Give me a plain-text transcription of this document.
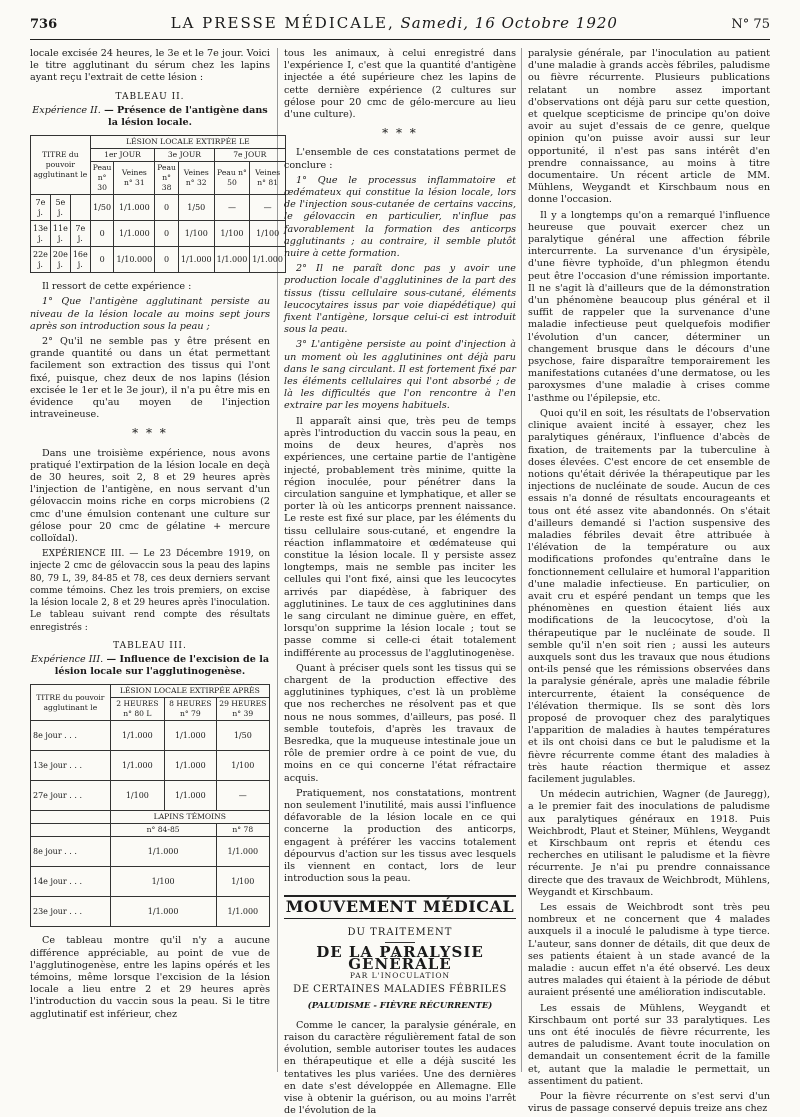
736	LA PRESSE MÉDICALE, Samedi, 16 Octobre 1920	N° 75

locale excisée 24 heures, le 3e et le 7e jour. Voici le titre agglutinant du sérum chez les lapins ayant reçu l'extrait de cette lésion :

TABLEAU II.
Expérience II. — Présence de l'antigène dans la lésion locale.
TITRE du pouvoir agglutinant le			LÉSION LOCALE EXTIRPÉE LE					
			1er JOUR		3e JOUR		7e JOUR	
			Peau n° 30	Veines n° 31	Peau n° 38	Veines n° 32	Peau n° 50	Veines n° 81
7e j.	5e j.		1/50	1/1.000	0	1/50	—	—
13e j.	11e j.	7e j.	0	1/1.000	0	1/100	1/100	1/100
22e j.	20e j.	16e j.	0	1/10.000	0	1/1.000	1/1.000	1/1.000

Il ressort de cette expérience :

1° Que l'antigène agglutinant persiste au niveau de la lésion locale au moins sept jours après son introduction sous la peau ;

2° Qu'il ne semble pas y être présent en grande quantité ou dans un état permettant facilement son extraction des tissus qui l'ont fixé, puisque, chez deux de nos lapins (lésion excisée le 1er et le 3e jour), il n'a pu être mis en évidence qu'au moyen de l'injection intraveineuse.

* * *

Dans une troisième expérience, nous avons pratiqué l'extirpation de la lésion locale en deçà de 30 heures, soit 2, 8 et 29 heures après l'injection de l'antigène, en nous servant d'un gélovaccin moins riche en corps microbiens (2 cmc d'une émulsion contenant une culture sur gélose pour 20 cmc de gélatine + mercure colloïdal).

EXPÉRIENCE III. — Le 23 Décembre 1919, on injecte 2 cmc de gélovaccin sous la peau des lapins 80, 79 L, 39, 84-85 et 78, ces deux derniers servant comme témoins. Chez les trois premiers, on excise la lésion locale 2, 8 et 29 heures après l'inoculation. Le tableau suivant rend compte des résultats enregistrés :

TABLEAU III.
Expérience III. — Influence de l'excision de la lésion locale sur l'agglutinogenèse.
TITRE du pouvoir agglutinant le	LÉSION LOCALE EXTIRPÉE APRÈS		
	2 HEURES n° 80 L	8 HEURES n° 79	29 HEURES n° 39
8e jour . . .	1/1.000	1/1.000	1/50
13e jour . . .	1/1.000	1/1.000	1/100
27e jour . . .	1/100	1/1.000	—
	LAPINS TÉMOINS		
	n° 84-85		n° 78
8e jour . . .	1/1.000		1/1.000
14e jour . . .	1/100		1/100
23e jour . . .	1/1.000		1/1.000

Ce tableau montre qu'il n'y a aucune différence appréciable, au point de vue de l'agglutinogenèse, entre les lapins opérés et les témoins, même lorsque l'excision de la lésion locale a lieu entre 2 et 29 heures après l'introduction du vaccin sous la peau. Si le titre agglutinatif est inférieur, chez

tous les animaux, à celui enregistré dans l'expérience I, c'est que la quantité d'antigène injectée a été supérieure chez les lapins de cette dernière expérience (2 cultures sur gélose pour 20 cmc de gélo-mercure au lieu d'une culture).

* * *

L'ensemble de ces constatations permet de conclure :

1° Que le processus inflammatoire et œdémateux qui constitue la lésion locale, lors de l'injection sous-cutanée de certains vaccins, le gélovaccin en particulier, n'influe pas favorablement la formation des anticorps agglutinants ; au contraire, il semble plutôt nuire à cette formation.

2° Il ne paraît donc pas y avoir une production locale d'agglutinines de la part des tissus (tissu cellulaire sous-cutané, éléments leucocytaires issus par voie diapédétique) qui fixent l'antigène, lorsque celui-ci est introduit sous la peau.

3° L'antigène persiste au point d'injection à un moment où les agglutinines ont déjà paru dans le sang circulant. Il est fortement fixé par les éléments cellulaires qui l'ont absorbé ; de là les difficultés que l'on rencontre à l'en extraire par les moyens habituels.

Il apparaît ainsi que, très peu de temps après l'introduction du vaccin sous la peau, en moins de deux heures, d'après nos expériences, une certaine partie de l'antigène injecté, probablement très minime, quitte la région inoculée, pour pénétrer dans la circulation sanguine et lymphatique, et aller se porter là où les anticorps prennent naissance. Le reste est fixé sur place, par les éléments du tissu cellulaire sous-cutané, et engendre la réaction inflammatoire et œdémateuse qui constitue la lésion locale. Il y persiste assez longtemps, mais ne semble pas inciter les cellules qui l'ont fixé, ainsi que les leucocytes arrivés par diapédèse, à fabriquer des agglutinines. Le taux de ces agglutinines dans le sang circulant ne diminue guère, en effet, lorsqu'on supprime la lésion locale ; tout se passe comme si celle-ci était totalement indifférente au processus de l'agglutinogenèse.

Quant à préciser quels sont les tissus qui se chargent de la production effective des agglutinines typhiques, c'est là un problème que nos recherches ne résolvent pas et que nous ne nous sommes, d'ailleurs, pas posé. Il semble toutefois, d'après les travaux de Besredka, que la muqueuse intestinale joue un rôle de premier ordre à ce point de vue, du moins en ce qui concerne l'état réfractaire acquis.

Pratiquement, nos constatations, montrent non seulement l'inutilité, mais aussi l'influence défavorable de la lésion locale en ce qui concerne la production des anticorps, engagent à préférer les vaccins totalement dépourvus d'action sur les tissus avec lesquels ils viennent en contact, lors de leur introduction sous la peau.

MOUVEMENT MÉDICAL
DU TRAITEMENT
DE LA PARALYSIE GÉNÉRALE
PAR L'INOCULATION
DE CERTAINES MALADIES FÉBRILES
(PALUDISME - FIÈVRE RÉCURRENTE)

Comme le cancer, la paralysie générale, en raison du caractère régulièrement fatal de son évolution, semble autoriser toutes les audaces en thérapeutique et elle a déjà suscité les tentatives les plus variées. Une des dernières en date s'est développée en Allemagne. Elle vise à obtenir la guérison, ou au moins l'arrêt de l'évolution de la

paralysie générale, par l'inoculation au patient d'une maladie à grands accès fébriles, paludisme ou fièvre récurrente. Plusieurs publications relatant un nombre assez important d'observations ont déjà paru sur cette question, et quelque scepticisme de principe qu'on doive avoir au sujet d'essais de ce genre, quelque opinion qu'on puisse avoir aussi sur leur opportunité, il n'est pas sans intérêt d'en prendre connaissance, au moins à titre documentaire. Un récent article de MM. Mühlens, Weygandt et Kirschbaum nous en donne l'occasion.

Il y a longtemps qu'on a remarqué l'influence heureuse que pouvait exercer chez un paralytique général une affection fébrile intercurrente. La survenance d'un érysipèle, d'une fièvre typhoïde, d'un phlegmon étendu peut être l'occasion d'une rémission importante. Il ne s'agit là d'ailleurs que de la démonstration d'un phénomène beaucoup plus général et il suffit de rappeler que la survenance d'une maladie infectieuse peut quelquefois modifier l'évolution d'un cancer, déterminer un changement brusque dans le décours d'une psychose, faire disparaître temporairement les manifestations cutanées d'une dermatose, ou les paroxysmes d'une maladie à crises comme l'asthme ou l'épilepsie, etc.

Quoi qu'il en soit, les résultats de l'observation clinique avaient incité à essayer, chez les paralytiques généraux, l'influence d'abcès de fixation, de traitements par la tuberculine à doses élevées. C'est encore de cet ensemble de notions qu'était dérivée la thérapeutique par les injections de nucléinate de soude. Aucun de ces essais n'a donné de résultats encourageants et tous ont été assez vite abandonnés. On s'était d'ailleurs demandé si l'action suspensive des maladies fébriles devait être attribuée à l'élévation de la température ou aux modifications profondes qu'entraîne dans le fonctionnement cellulaire et humoral l'apparition d'une maladie infectieuse. En particulier, on avait cru et espéré pendant un temps que les phénomènes en question étaient liés aux modifications de la leucocytose, d'où la thérapeutique par le nucléinate de soude. Il semble qu'il n'en soit rien ; aussi les auteurs auxquels sont dus les travaux que nous étudions ont-ils pensé que les rémissions observées dans la paralysie générale, après une maladie fébrile intercurrente, étaient la conséquence de l'élévation thermique. Ils se sont dès lors proposé de provoquer chez des paralytiques l'apparition de maladies à hautes températures et ils ont choisi dans ce but le paludisme et la fièvre récurrente comme étant des maladies à très haute réaction thermique et assez facilement jugulables.

Un médecin autrichien, Wagner (de Jauregg), a le premier fait des inoculations de paludisme aux paralytiques généraux en 1918. Puis Weichbrodt, Plaut et Steiner, Mühlens, Weygandt et Kirschbaum ont repris et étendu ces recherches en utilisant le paludisme et la fièvre récurrente. Je n'ai pu prendre connaissance directe que des travaux de Weichbrodt, Mühlens, Weygandt et Kirschbaum.

Les essais de Weichbrodt sont très peu nombreux et ne concernent que 4 malades auxquels il a inoculé le paludisme à type tierce. L'auteur, sans donner de détails, dit que deux de ses patients étaient à un stade avancé de la maladie : aucun effet n'a été observé. Les deux autres malades qui étaient à la période de début auraient présenté une amélioration indiscutable.

Les essais de Mühlens, Weygandt et Kirschbaum ont porté sur 33 paralytiques. Les uns ont été inoculés de fièvre récurrente, les autres de paludisme. Avant toute inoculation on demandait un consentement écrit de la famille et, autant que la maladie le permettait, un assentiment du patient.

Pour la fièvre récurrente on s'est servi d'un virus de passage conservé depuis treize ans chez
